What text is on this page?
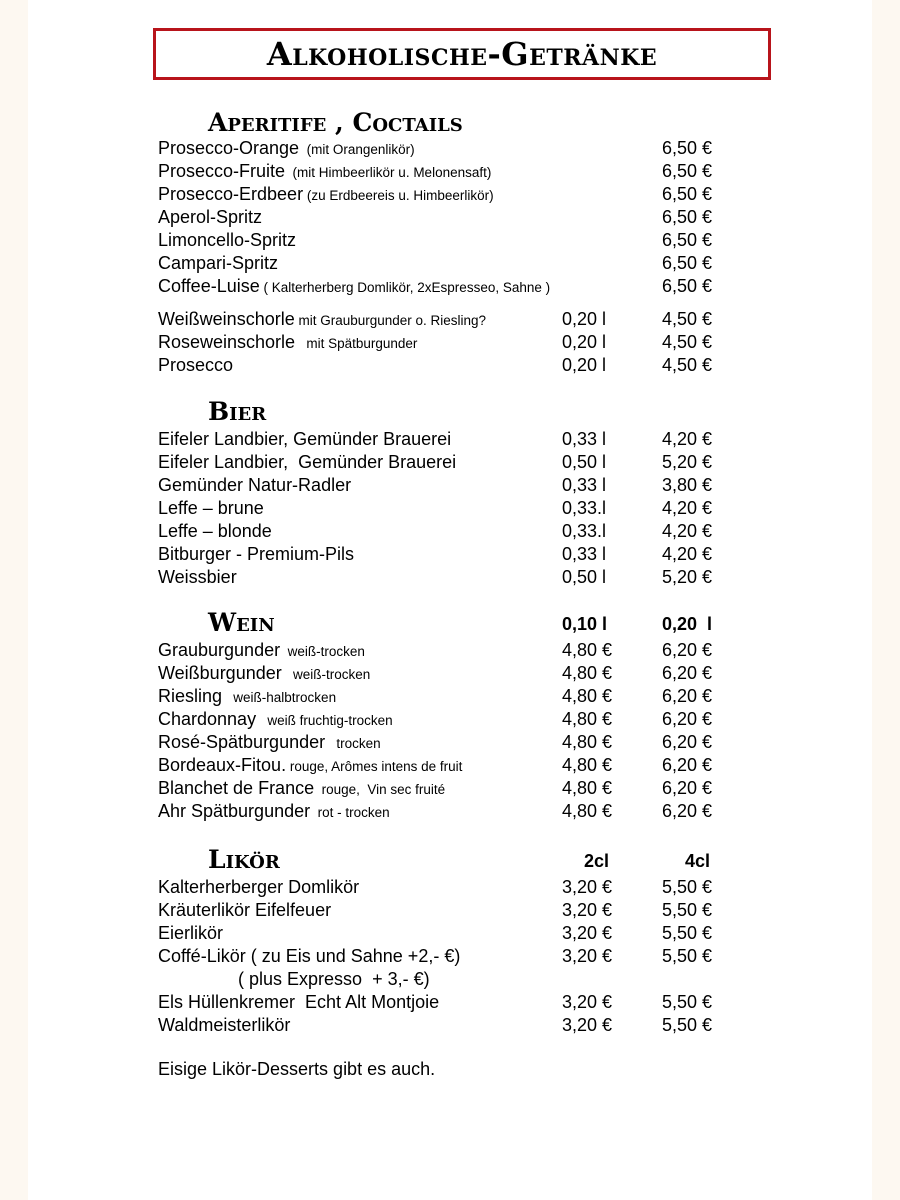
Alkoholische-Getränke
Aperitife , Coctails
Prosecco-Orange  (mit Orangenlikör)	6,50 €
Prosecco-Fruite  (mit Himbeerlikör u. Melonensaft)	6,50 €
Prosecco-Erdbeer (zu Erdbeereis u. Himbeerlikör)	6,50 €
Aperol-Spritz	6,50 €
Limoncello-Spritz	6,50 €
Campari-Spritz	6,50 €
Coffee-Luise ( Kalterherberg Domlikör, 2xEspresseo, Sahne )	6,50 €
Weißweinschorle mit Grauburgunder o. Riesling?	0,20 l	4,50 €
Roseweinschorle   mit Spätburgunder	0,20 l	4,50 €
Prosecco	0,20 l	4,50 €
Bier
Eifeler Landbier, Gemünder Brauerei	0,33 l	4,20 €
Eifeler Landbier,  Gemünder Brauerei	0,50 l	5,20 €
Gemünder Natur-Radler	0,33 l	3,80 €
Leffe – brune	0,33.l	4,20 €
Leffe – blonde	0,33.l	4,20 €
Bitburger - Premium-Pils	0,33 l	4,20 €
Weissbier	0,50 l	5,20 €
Wein	0,10 l	0,20  l
Grauburgunder  weiß-trocken	4,80 €	6,20 €
Weißburgunder   weiß-trocken	4,80 €	6,20 €
Riesling   weiß-halbtrocken	4,80 €	6,20 €
Chardonnay   weiß fruchtig-trocken	4,80 €	6,20 €
Rosé-Spätburgunder   trocken	4,80 €	6,20 €
Bordeaux-Fitou. rouge, Arômes intens de fruit	4,80 €	6,20 €
Blanchet de France  rouge,  Vin sec fruité	4,80 €	6,20 €
Ahr Spätburgunder  rot - trocken	4,80 €	6,20 €
Likör	2cl	4cl
Kalterherberger Domlikör	3,20 €	5,50 €
Kräuterlikör Eifelfeuer	3,20 €	5,50 €
Eierlikör	3,20 €	5,50 €
Coffé-Likör ( zu Eis und Sahne +2,- €)	3,20 €	5,50 €
( plus Expresso  + 3,- €)
Els Hüllenkremer  Echt Alt Montjoie	3,20 €	5,50 €
Waldmeisterlikör	3,20 €	5,50 €
Eisige Likör-Desserts gibt es auch.
